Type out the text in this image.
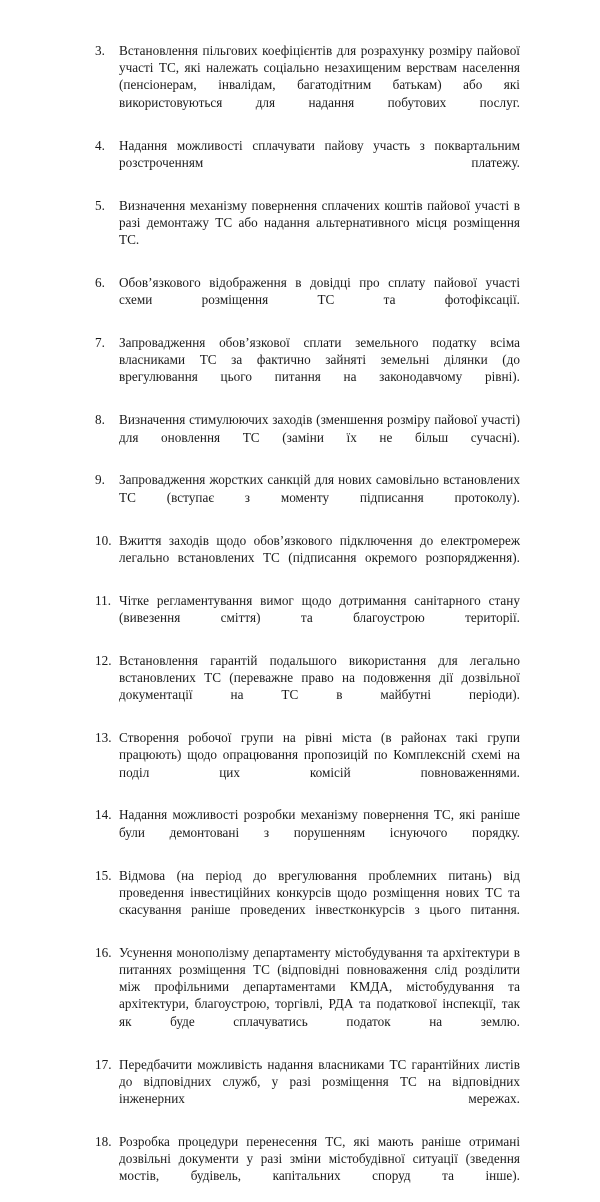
3.	Встановлення пільгових коефіцієнтів для розрахунку розміру пайової участі ТС, які належать соціально незахищеним верствам населення (пенсіонерам, інвалідам, багатодітним батькам) або які використовуються для надання побутових послуг.
4.	Надання можливості сплачувати пайову участь з поквартальним розстроченням платежу.
5.	Визначення механізму повернення сплачених коштів пайової участі в разі демонтажу ТС або надання альтернативного місця розміщення ТС.
6.	Обов’язкового відображення в довідці про сплату пайової участі схеми розміщення ТС та фотофіксації.
7.	Запровадження обов’язкової сплати земельного податку всіма власниками ТС за фактично зайняті земельні ділянки (до врегулювання цього питання на законодавчому рівні).
8.	Визначення стимулюючих заходів (зменшення розміру пайової участі) для оновлення ТС (заміни їх не більш сучасні).
9.	Запровадження жорстких санкцій для нових самовільно встановлених ТС (вступає з моменту підписання протоколу).
10. Вжиття заходів щодо обов’язкового підключення до електромереж легально встановлених ТС (підписання окремого розпорядження).
11. Чітке регламентування вимог щодо дотримання санітарного стану (вивезення сміття) та благоустрою території.
12. Встановлення гарантій подальшого використання для легально встановлених ТС (переважне право на подовження дії дозвільної документації на ТС в майбутні періоди).
13. Створення робочої групи на рівні міста (в районах такі групи працюють) щодо опрацювання пропозицій по Комплексній схемі на поділ цих комісій повноваженнями.
14. Надання можливості розробки механізму повернення ТС, які раніше були демонтовані з порушенням існуючого порядку.
15. Відмова (на період до врегулювання проблемних питань) від проведення інвестиційних конкурсів щодо розміщення нових ТС та скасування раніше проведених інвестконкурсів з цього питання.
16. Усунення монополізму департаменту містобудування та архітектури в питаннях розміщення ТС (відповідні повноваження слід розділити між профільними департаментами КМДА, містобудування та архітектури, благоустрою, торгівлі, РДА та податкової інспекції, так як буде сплачуватись податок на землю.
17. Передбачити можливість надання власниками ТС гарантійних листів до відповідних служб, у разі розміщення ТС на відповідних інженерних мережах.
18. Розробка процедури перенесення ТС, які мають раніше отримані дозвільні документи у разі зміни містобудівної ситуації (зведення мостів, будівель, капітальних споруд та інше).
